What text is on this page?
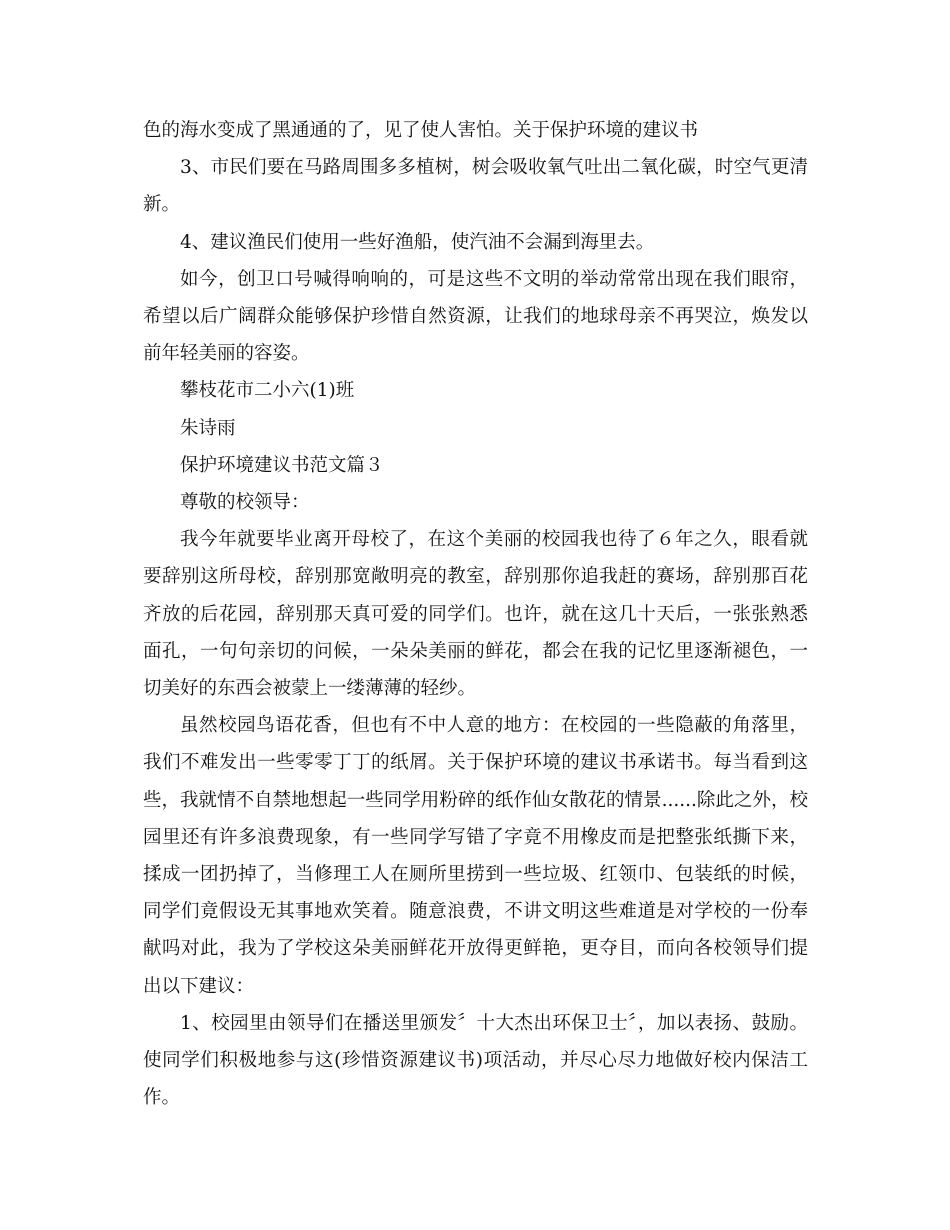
色的海水变成了黑通通的了，见了使人害怕。关于保护环境的建议书

3、市民们要在马路周围多多植树，树会吸收氧气吐出二氧化碳，时空气更清新。

4、建议渔民们使用一些好渔船，使汽油不会漏到海里去。

如今，创卫口号喊得响响的，可是这些不文明的举动常常出现在我们眼帘，希望以后广阔群众能够保护珍惜自然资源，让我们的地球母亲不再哭泣，焕发以前年轻美丽的容姿。

攀枝花市二小六(1)班

朱诗雨

保护环境建议书范文篇３

尊敬的校领导：

我今年就要毕业离开母校了，在这个美丽的校园我也待了６年之久，眼看就要辞别这所母校，辞别那宽敞明亮的教室，辞别那你追我赶的赛场，辞别那百花齐放的后花园，辞别那天真可爱的同学们。也许，就在这几十天后，一张张熟悉面孔，一句句亲切的问候，一朵朵美丽的鲜花，都会在我的记忆里逐渐褪色，一切美好的东西会被蒙上一缕薄薄的轻纱。

虽然校园鸟语花香，但也有不中人意的地方：在校园的一些隐蔽的角落里，我们不难发出一些零零丁丁的纸屑。关于保护环境的建议书承诺书。每当看到这些，我就情不自禁地想起一些同学用粉碎的纸作仙女散花的情景......除此之外，校园里还有许多浪费现象，有一些同学写错了字竟不用橡皮而是把整张纸撕下来，揉成一团扔掉了，当修理工人在厕所里捞到一些垃圾、红领巾、包装纸的时候，同学们竟假设无其事地欢笑着。随意浪费，不讲文明这些难道是对学校的一份奉献吗对此，我为了学校这朵美丽鲜花开放得更鲜艳，更夺目，而向各校领导们提出以下建议：

1、校园里由领导们在播送里颁发〞十大杰出环保卫士〞，加以表扬、鼓励。使同学们积极地参与这(珍惜资源建议书)项活动，并尽心尽力地做好校内保洁工作。
